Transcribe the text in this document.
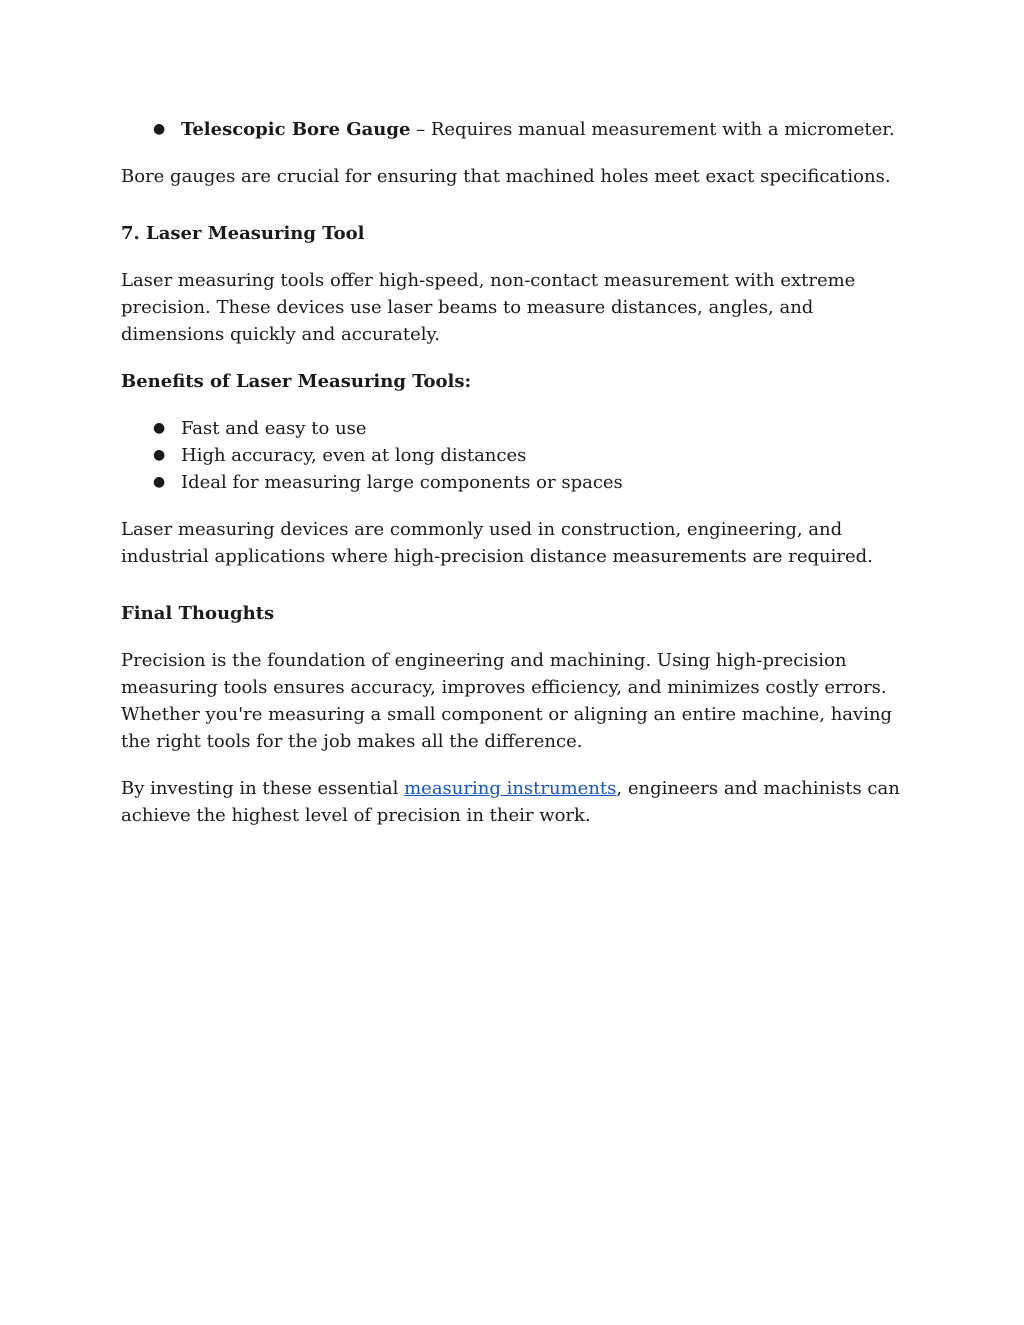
● Telescopic Bore Gauge – Requires manual measurement with a micrometer.

Bore gauges are crucial for ensuring that machined holes meet exact specifications.

7. Laser Measuring Tool

Laser measuring tools offer high-speed, non-contact measurement with extreme precision. These devices use laser beams to measure distances, angles, and dimensions quickly and accurately.

Benefits of Laser Measuring Tools:

● Fast and easy to use
● High accuracy, even at long distances
● Ideal for measuring large components or spaces

Laser measuring devices are commonly used in construction, engineering, and industrial applications where high-precision distance measurements are required.

Final Thoughts

Precision is the foundation of engineering and machining. Using high-precision measuring tools ensures accuracy, improves efficiency, and minimizes costly errors. Whether you're measuring a small component or aligning an entire machine, having the right tools for the job makes all the difference.

By investing in these essential measuring instruments, engineers and machinists can achieve the highest level of precision in their work.
